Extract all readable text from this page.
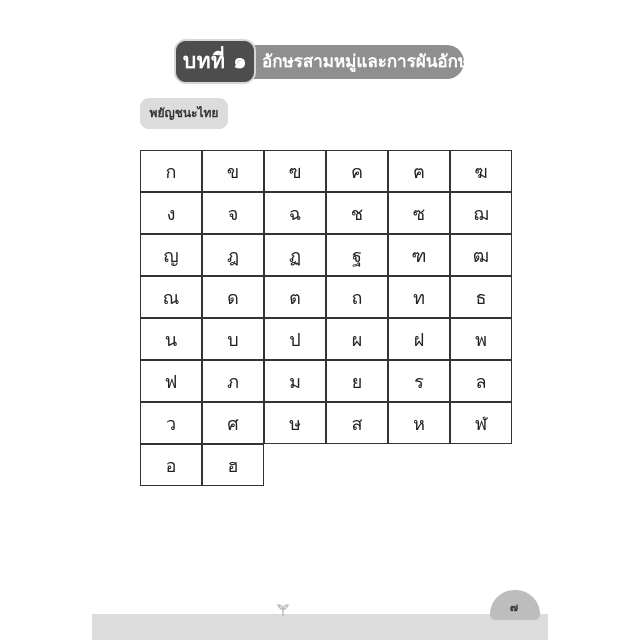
อักษรสามหมู่และการผันอักษร
บทที่ ๑
พยัญชนะไทย
ก	ข	ฃ	ค	ฅ	ฆ
ง	จ	ฉ	ช	ซ	ฌ
ญ	ฎ	ฏ	ฐ	ฑ	ฒ
ณ	ด	ต	ถ	ท	ธ
น	บ	ป	ผ	ฝ	พ
ฟ	ภ	ม	ย	ร	ล
ว	ศ	ษ	ส	ห	ฬ
อ	ฮ
๗
